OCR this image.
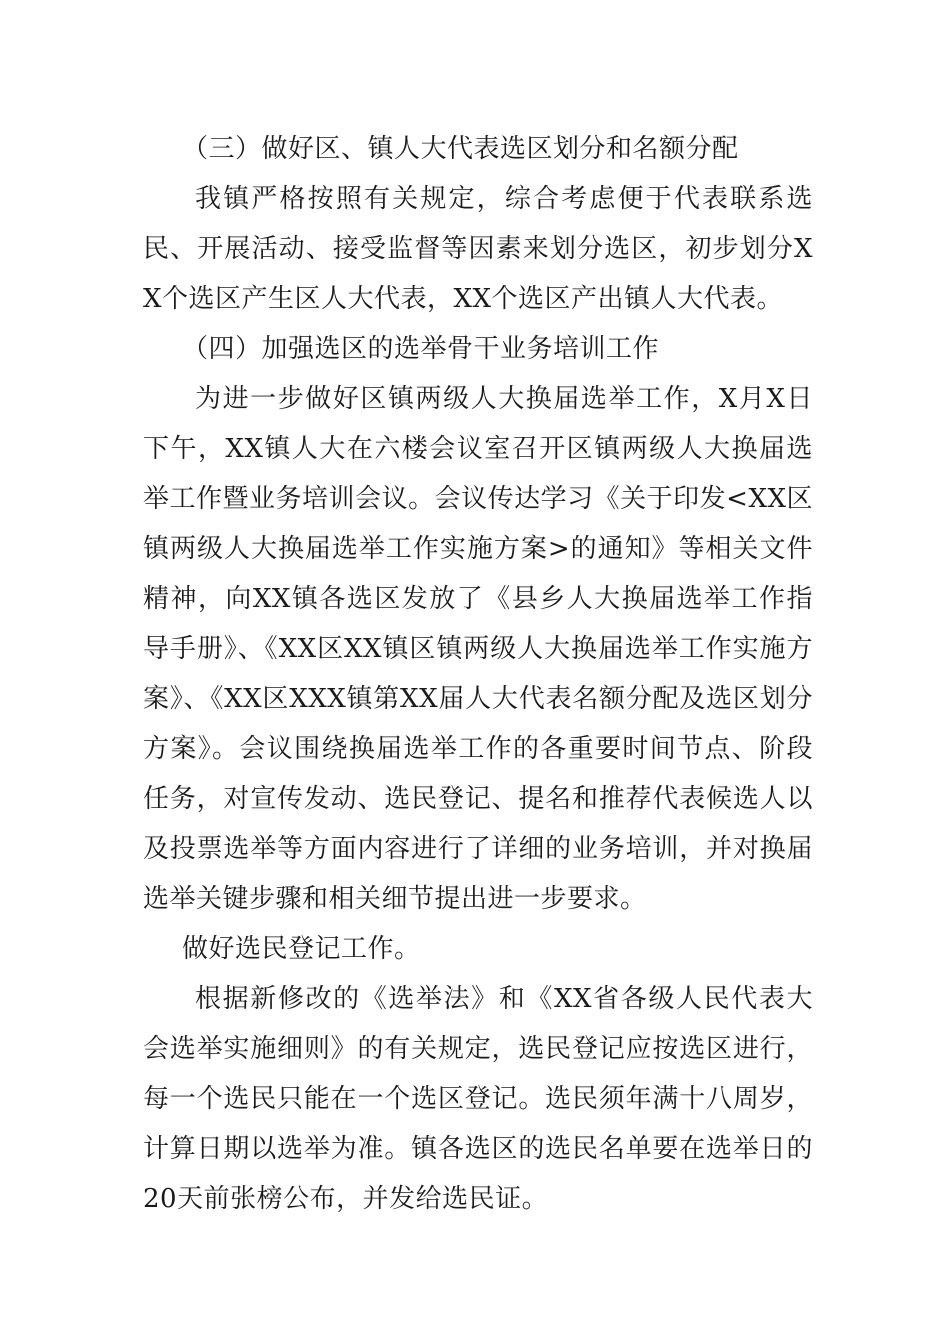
（三）做好区、镇人大代表选区划分和名额分配

我镇严格按照有关规定，综合考虑便于代表联系选民、开展活动、接受监督等因素来划分选区，初步划分XX个选区产生区人大代表，XX个选区产出镇人大代表。

（四）加强选区的选举骨干业务培训工作

为进一步做好区镇两级人大换届选举工作，X月X日下午，XX镇人大在六楼会议室召开区镇两级人大换届选举工作暨业务培训会议。会议传达学习《关于印发<XX区镇两级人大换届选举工作实施方案>的通知》等相关文件精神，向XX镇各选区发放了《县乡人大换届选举工作指导手册》、《XX区XX镇区镇两级人大换届选举工作实施方案》、《XX区XXX镇第XX届人大代表名额分配及选区划分方案》。会议围绕换届选举工作的各重要时间节点、阶段任务，对宣传发动、选民登记、提名和推荐代表候选人以及投票选举等方面内容进行了详细的业务培训，并对换届选举关键步骤和相关细节提出进一步要求。

做好选民登记工作。

根据新修改的《选举法》和《XX省各级人民代表大会选举实施细则》的有关规定，选民登记应按选区进行，每一个选民只能在一个选区登记。选民须年满十八周岁，计算日期以选举为准。镇各选区的选民名单要在选举日的20天前张榜公布，并发给选民证。
